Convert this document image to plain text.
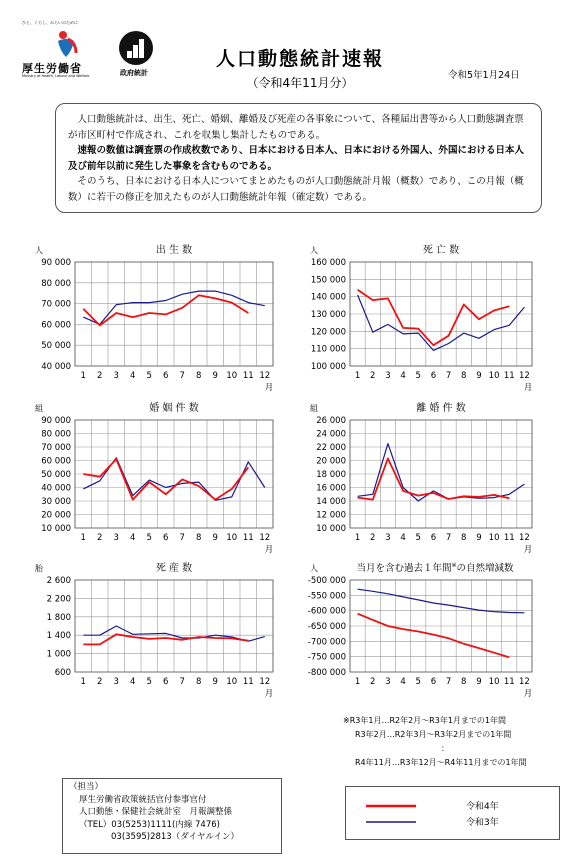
ひと、くらし、みらいのために
厚生労働省
Ministry of Health, Labour and Welfare	政府統計
人口動態統計速報
（令和4年11月分）
令和5年1月24日

人口動態統計は、出生、死亡、婚姻、離婚及び死産の各事象について、各種届出書等から人口動態調査票が市区町村で作成され、これを収集し集計したものである。

速報の数値は調査票の作成枚数であり、日本における日本人、日本における外国人、外国における日本人及び前年以前に発生した事象を含むものである。

そのうち、日本における日本人についてまとめたものが人口動態統計月報（概数）であり、この月報（概数）に若干の修正を加えたものが人口動態統計年報（確定数）である。

40 000
50 000
60 000
70 000
80 000
90 000
1 2 3 4 5 6 7 8 9 10 11 12
月
人	出 生 数
100 000
110 000
120 000
130 000
140 000
150 000
160 000
1 2 3 4 5 6 7 8 9 10 11 12
月
人	死 亡 数
10 000
20 000
30 000
40 000
50 000
60 000
70 000
80 000
90 000
1 2 3 4 5 6 7 8 9 10 11 12
月
組	婚 姻 件 数
10 000
12 000
14 000
16 000
18 000
20 000
22 000
24 000
26 000
1 2 3 4 5 6 7 8 9 10 11 12
月
組	離 婚 件 数
600
1 000
1 400
1 800
2 200
2 600
1 2 3 4 5 6 7 8 9 10 11 12
月
胎	死 産 数
-800 000
-750 000
-700 000
-650 000
-600 000
-550 000
-500 000
1 2 3 4 5 6 7 8 9 10 11 12
月
人	当月を含む過去１年間※の自然増減数
※R3年1月…R2年2月～R3年1月までの1年間
R3年2月…R2年3月～R3年2月までの1年間
：
R4年11月…R3年12月～R4年11月までの1年間
（担当）
厚生労働省政策統括官付参事官付
人口動態・保健社会統計室　月報調整係
（TEL）03(5253)1111(内線 7476)
03(3595)2813（ダイヤルイン）
令和4年
令和3年
